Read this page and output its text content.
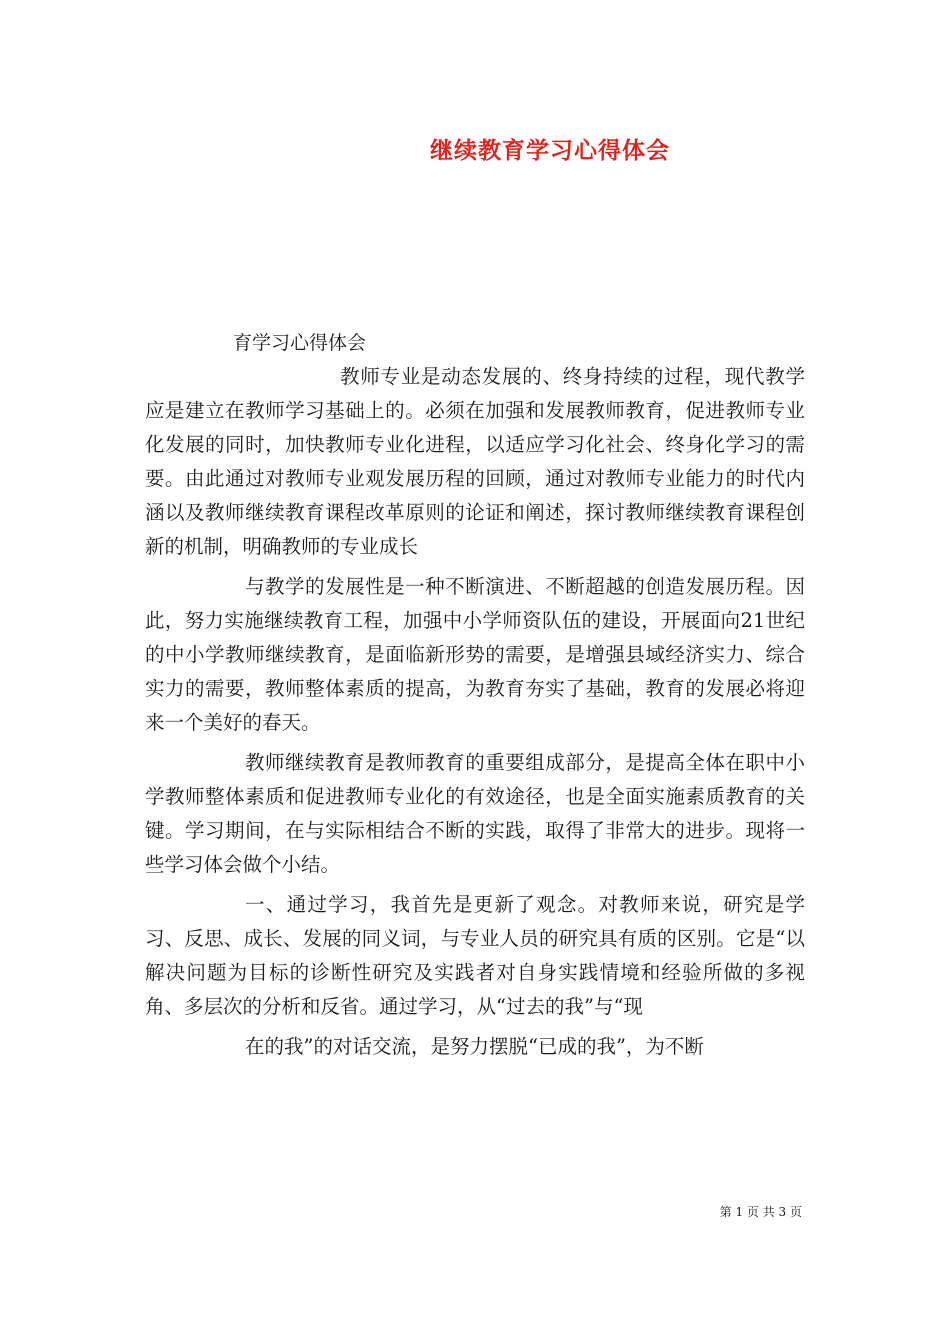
继续教育学习心得体会
育学习心得体会

教师专业是动态发展的、终身持续的过程，现代教学应是建立在教师学习基础上的。必须在加强和发展教师教育，促进教师专业化发展的同时，加快教师专业化进程，以适应学习化社会、终身化学习的需要。由此通过对教师专业观发展历程的回顾，通过对教师专业能力的时代内涵以及教师继续教育课程改革原则的论证和阐述，探讨教师继续教育课程创新的机制，明确教师的专业成长

与教学的发展性是一种不断演进、不断超越的创造发展历程。因此，努力实施继续教育工程，加强中小学师资队伍的建设，开展面向21世纪的中小学教师继续教育，是面临新形势的需要，是增强县域经济实力、综合实力的需要，教师整体素质的提高，为教育夯实了基础，教育的发展必将迎来一个美好的春天。

教师继续教育是教师教育的重要组成部分，是提高全体在职中小学教师整体素质和促进教师专业化的有效途径，也是全面实施素质教育的关键。学习期间，在与实际相结合不断的实践，取得了非常大的进步。现将一些学习体会做个小结。

一、通过学习，我首先是更新了观念。对教师来说，研究是学习、反思、成长、发展的同义词，与专业人员的研究具有质的区别。它是“以解决问题为目标的诊断性研究及实践者对自身实践情境和经验所做的多视角、多层次的分析和反省。通过学习，从“过去的我”与“现

在的我”的对话交流，是努力摆脱“已成的我”，为不断

第 1 页 共 3 页
